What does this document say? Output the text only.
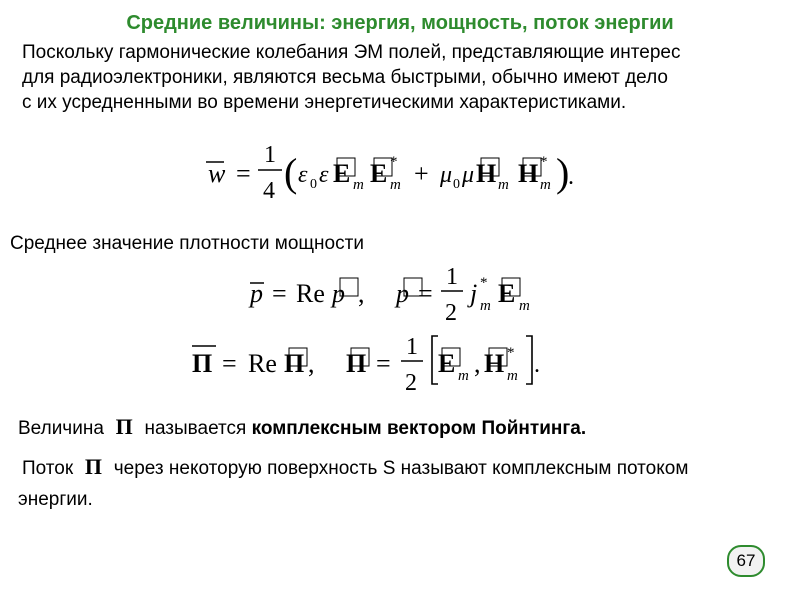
Средние величины: энергия, мощность, поток энергии
Поскольку гармонические колебания ЭМ полей, представляющие интерес
для радиоэлектроники, являются весьма быстрыми, обычно имеют дело
с их усредненными во времени энергетическими характеристиками.
w =
1
4 ( ε 0 ε E m E *
m + μ 0 μ H m H *
m )
.
Среднее значение плотности мощности
p = Re p , p =
1
2
j *
m E m
П = Re П , П =
1
2
E m , H *
m .
Величина П называется комплексным вектором Пойнтинга.
Поток П через некоторую поверхность S называют комплексным потоком
энергии.
67
